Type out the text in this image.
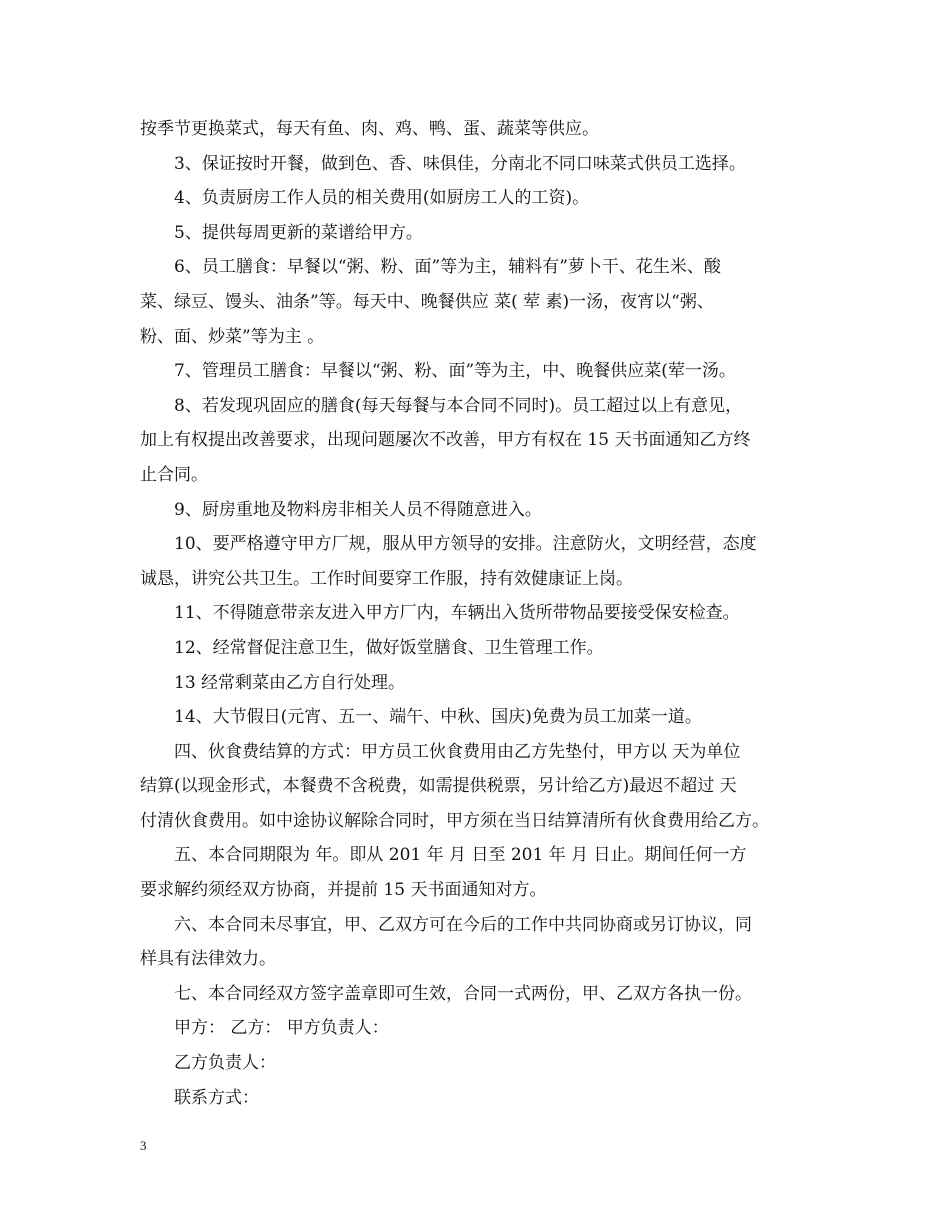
按季节更换菜式，每天有鱼、肉、鸡、鸭、蛋、蔬菜等供应。
3、保证按时开餐，做到色、香、味俱佳，分南北不同口味菜式供员工选择。
4、负责厨房工作人员的相关费用(如厨房工人的工资)。
5、提供每周更新的菜谱给甲方。
6、员工膳食：早餐以“粥、粉、面”等为主，辅料有”萝卜干、花生米、酸
菜、绿豆、馒头、油条”等。每天中、晚餐供应 菜( 荤 素)一汤，夜宵以“粥、
粉、面、炒菜”等为主 。
7、管理员工膳食：早餐以“粥、粉、面”等为主，中、晚餐供应菜(荤一汤。
8、若发现巩固应的膳食(每天每餐与本合同不同时)。员工超过以上有意见，
加上有权提出改善要求，出现问题屡次不改善，甲方有权在 15 天书面通知乙方终
止合同。
9、厨房重地及物料房非相关人员不得随意进入。
10、要严格遵守甲方厂规，服从甲方领导的安排。注意防火，文明经营，态度
诚恳，讲究公共卫生。工作时间要穿工作服，持有效健康证上岗。
11、不得随意带亲友进入甲方厂内，车辆出入货所带物品要接受保安检查。
12、经常督促注意卫生，做好饭堂膳食、卫生管理工作。
13 经常剩菜由乙方自行处理。
14、大节假日(元宵、五一、端午、中秋、国庆)免费为员工加菜一道。
四、伙食费结算的方式：甲方员工伙食费用由乙方先垫付，甲方以 天为单位
结算(以现金形式，本餐费不含税费，如需提供税票，另计给乙方)最迟不超过 天
付清伙食费用。如中途协议解除合同时，甲方须在当日结算清所有伙食费用给乙方。
五、本合同期限为 年。即从 201 年 月 日至 201 年 月 日止。期间任何一方
要求解约须经双方协商，并提前 15 天书面通知对方。
六、本合同未尽事宜，甲、乙双方可在今后的工作中共同协商或另订协议，同
样具有法律效力。
七、本合同经双方签字盖章即可生效，合同一式两份，甲、乙双方各执一份。
甲方： 乙方： 甲方负责人：
乙方负责人：
联系方式：
3
